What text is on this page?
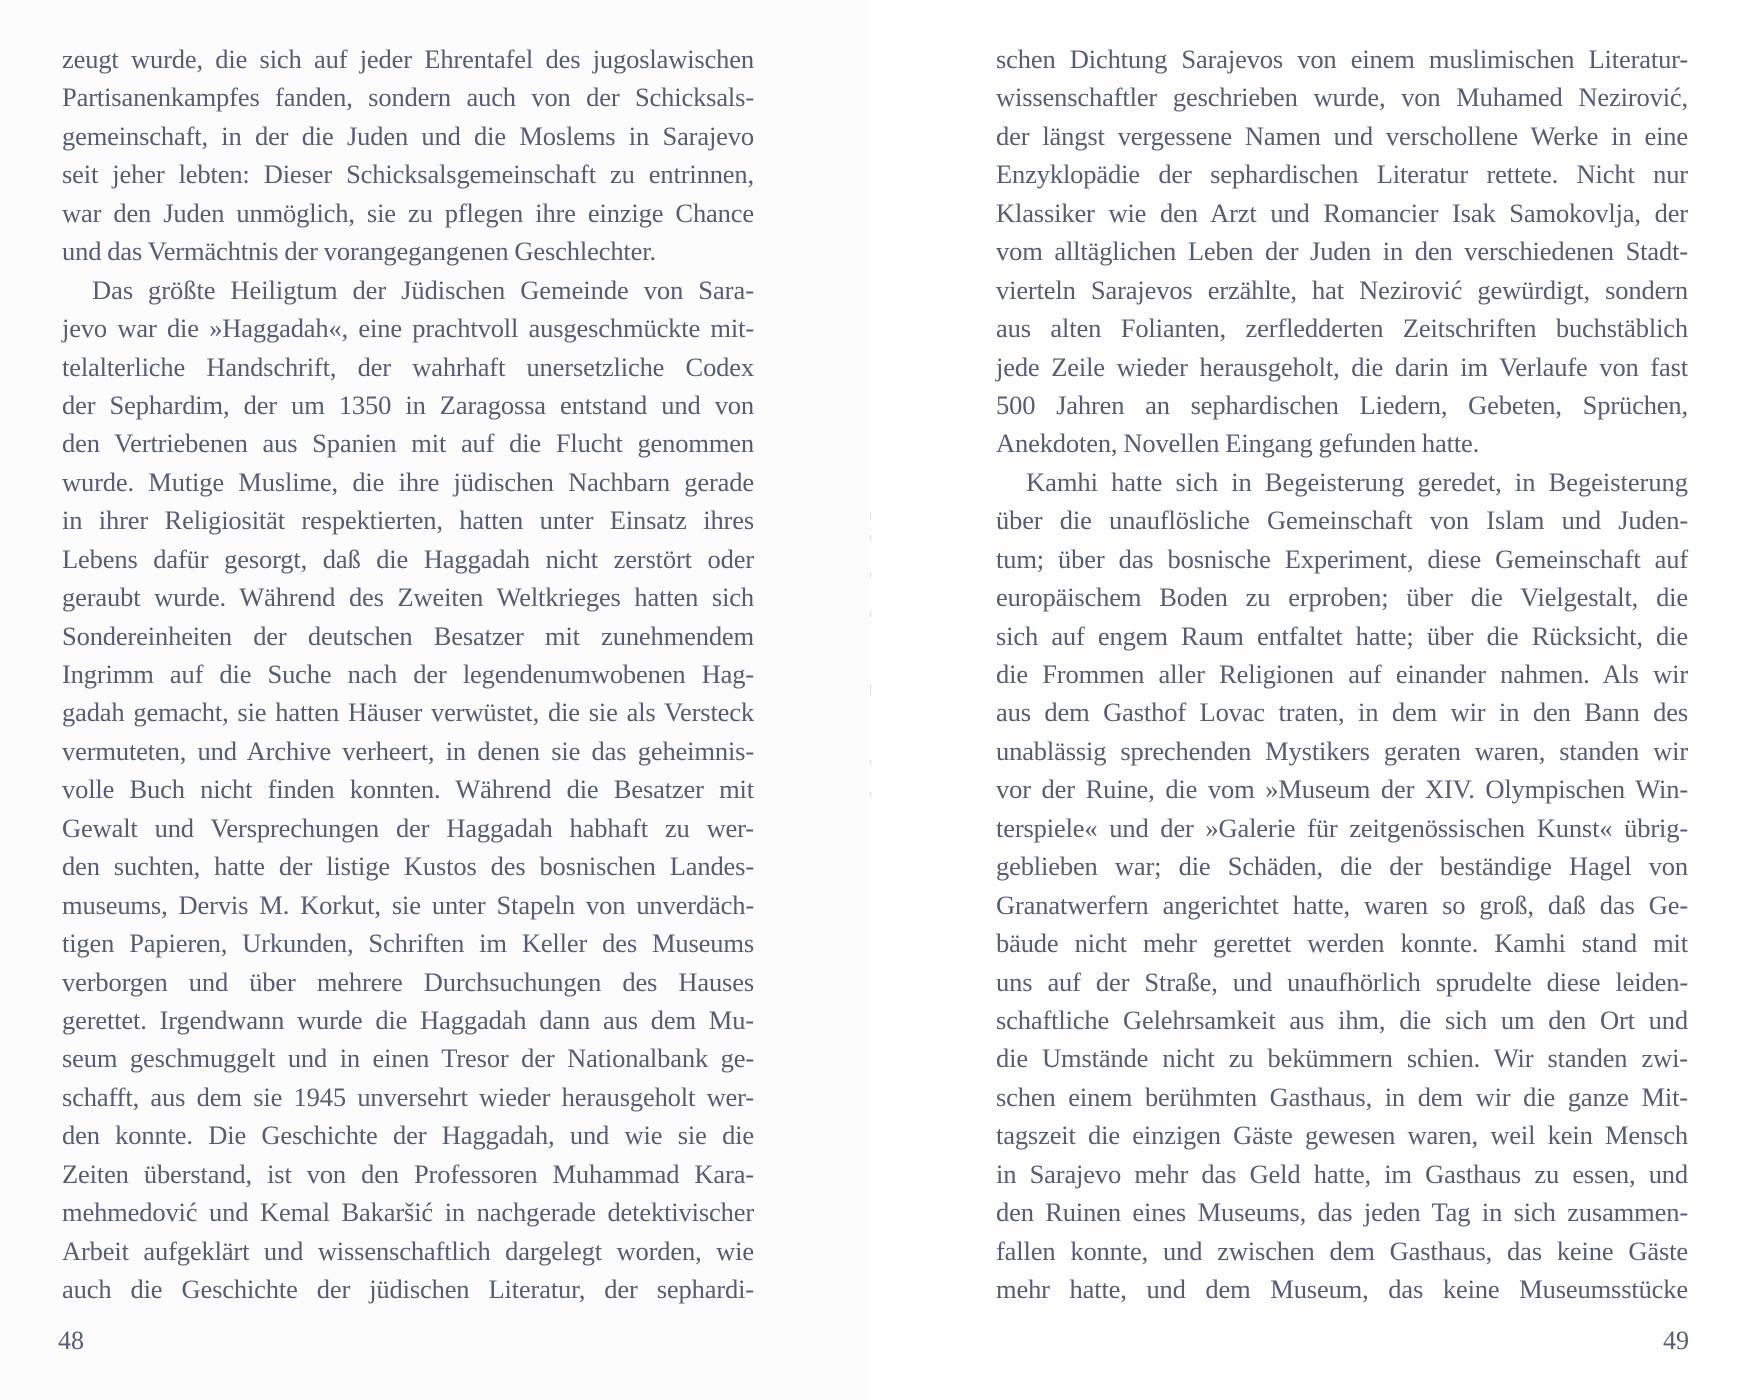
zeugt wurde, die sich auf jeder Ehrentafel des jugoslawischen
Partisanenkampfes fanden, sondern auch von der Schicksals-
gemeinschaft, in der die Juden und die Moslems in Sarajevo
seit jeher lebten: Dieser Schicksalsgemeinschaft zu entrinnen,
war den Juden unmöglich, sie zu pflegen ihre einzige Chance
und das Vermächtnis der vorangegangenen Geschlechter.
Das größte Heiligtum der Jüdischen Gemeinde von Sara-
jevo war die »Haggadah«, eine prachtvoll ausgeschmückte mit-
telalterliche Handschrift, der wahrhaft unersetzliche Codex
der Sephardim, der um 1350 in Zaragossa entstand und von
den Vertriebenen aus Spanien mit auf die Flucht genommen
wurde. Mutige Muslime, die ihre jüdischen Nachbarn gerade
in ihrer Religiosität respektierten, hatten unter Einsatz ihres
Lebens dafür gesorgt, daß die Haggadah nicht zerstört oder
geraubt wurde. Während des Zweiten Weltkrieges hatten sich
Sondereinheiten der deutschen Besatzer mit zunehmendem
Ingrimm auf die Suche nach der legendenumwobenen Hag-
gadah gemacht, sie hatten Häuser verwüstet, die sie als Versteck
vermuteten, und Archive verheert, in denen sie das geheimnis-
volle Buch nicht finden konnten. Während die Besatzer mit
Gewalt und Versprechungen der Haggadah habhaft zu wer-
den suchten, hatte der listige Kustos des bosnischen Landes-
museums, Dervis M. Korkut, sie unter Stapeln von unverdäch-
tigen Papieren, Urkunden, Schriften im Keller des Museums
verborgen und über mehrere Durchsuchungen des Hauses
gerettet. Irgendwann wurde die Haggadah dann aus dem Mu-
seum geschmuggelt und in einen Tresor der Nationalbank ge-
schafft, aus dem sie 1945 unversehrt wieder herausgeholt wer-
den konnte. Die Geschichte der Haggadah, und wie sie die
Zeiten überstand, ist von den Professoren Muhammad Kara-
mehmedović und Kemal Bakaršić in nachgerade detektivischer
Arbeit aufgeklärt und wissenschaftlich dargelegt worden, wie
auch die Geschichte der jüdischen Literatur, der sephardi-
48
schen Dichtung Sarajevos von einem muslimischen Literatur-
wissenschaftler geschrieben wurde, von Muhamed Nezirović,
der längst vergessene Namen und verschollene Werke in eine
Enzyklopädie der sephardischen Literatur rettete. Nicht nur
Klassiker wie den Arzt und Romancier Isak Samokovlja, der
vom alltäglichen Leben der Juden in den verschiedenen Stadt-
vierteln Sarajevos erzählte, hat Nezirović gewürdigt, sondern
aus alten Folianten, zerfledderten Zeitschriften buchstäblich
jede Zeile wieder herausgeholt, die darin im Verlaufe von fast
500 Jahren an sephardischen Liedern, Gebeten, Sprüchen,
Anekdoten, Novellen Eingang gefunden hatte.
Kamhi hatte sich in Begeisterung geredet, in Begeisterung
über die unauflösliche Gemeinschaft von Islam und Juden-
tum; über das bosnische Experiment, diese Gemeinschaft auf
europäischem Boden zu erproben; über die Vielgestalt, die
sich auf engem Raum entfaltet hatte; über die Rücksicht, die
die Frommen aller Religionen auf einander nahmen. Als wir
aus dem Gasthof Lovac traten, in dem wir in den Bann des
unablässig sprechenden Mystikers geraten waren, standen wir
vor der Ruine, die vom »Museum der XIV. Olympischen Win-
terspiele« und der »Galerie für zeitgenössischen Kunst« übrig-
geblieben war; die Schäden, die der beständige Hagel von
Granatwerfern angerichtet hatte, waren so groß, daß das Ge-
bäude nicht mehr gerettet werden konnte. Kamhi stand mit
uns auf der Straße, und unaufhörlich sprudelte diese leiden-
schaftliche Gelehrsamkeit aus ihm, die sich um den Ort und
die Umstände nicht zu bekümmern schien. Wir standen zwi-
schen einem berühmten Gasthaus, in dem wir die ganze Mit-
tagszeit die einzigen Gäste gewesen waren, weil kein Mensch
in Sarajevo mehr das Geld hatte, im Gasthaus zu essen, und
den Ruinen eines Museums, das jeden Tag in sich zusammen-
fallen konnte, und zwischen dem Gasthaus, das keine Gäste
mehr hatte, und dem Museum, das keine Museumsstücke
49
